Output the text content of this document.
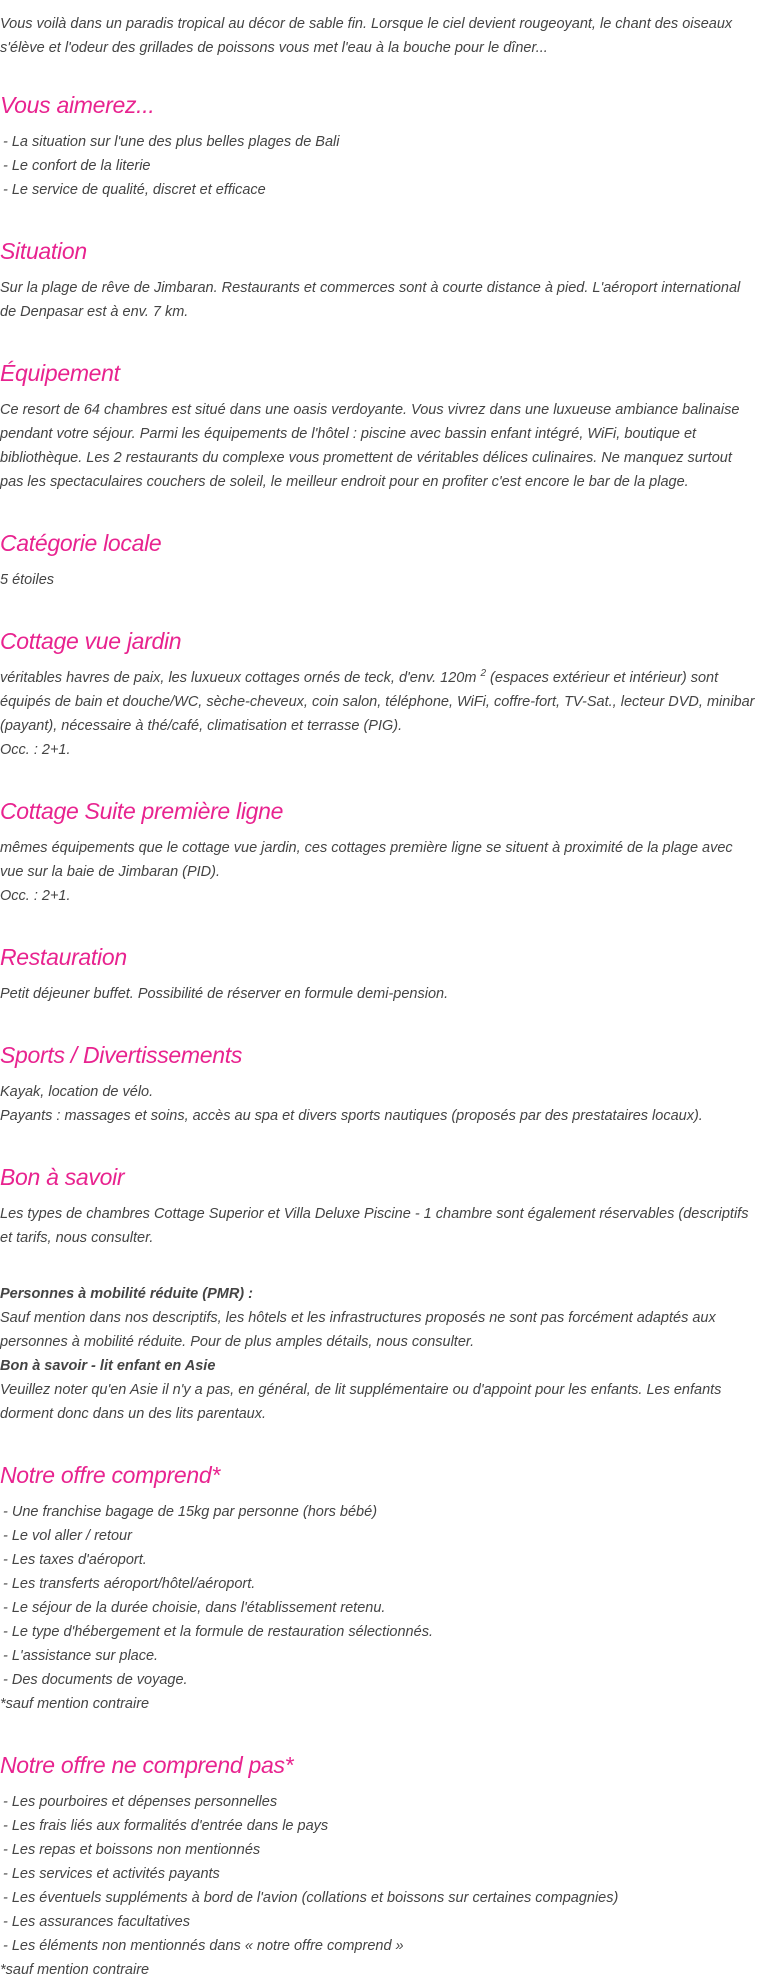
Vous voilà dans un paradis tropical au décor de sable fin. Lorsque le ciel devient rougeoyant, le chant des oiseaux s'élève et l'odeur des grillades de poissons vous met l'eau à la bouche pour le dîner...

Vous aimerez...
- La situation sur l'une des plus belles plages de Bali
- Le confort de la literie
- Le service de qualité, discret et efficace
Situation

Sur la plage de rêve de Jimbaran. Restaurants et commerces sont à courte distance à pied. L'aéroport international de Denpasar est à env. 7 km.

Équipement

Ce resort de 64 chambres est situé dans une oasis verdoyante. Vous vivrez dans une luxueuse ambiance balinaise pendant votre séjour. Parmi les équipements de l'hôtel : piscine avec bassin enfant intégré, WiFi, boutique et bibliothèque. Les 2 restaurants du complexe vous promettent de véritables délices culinaires. Ne manquez surtout pas les spectaculaires couchers de soleil, le meilleur endroit pour en profiter c'est encore le bar de la plage.

Catégorie locale

5 étoiles

Cottage vue jardin

véritables havres de paix, les luxueux cottages ornés de teck, d'env. 120m $^2$ (espaces extérieur et intérieur) sont équipés de bain et douche/WC, sèche-cheveux, coin salon, téléphone, WiFi, coffre-fort, TV-Sat., lecteur DVD, minibar (payant), nécessaire à thé/café, climatisation et terrasse (PIG).

Occ. : 2+1.

Cottage Suite première ligne

mêmes équipements que le cottage vue jardin, ces cottages première ligne se situent à proximité de la plage avec vue sur la baie de Jimbaran (PID).

Occ. : 2+1.

Restauration

Petit déjeuner buffet. Possibilité de réserver en formule demi-pension.

Sports / Divertissements

Kayak, location de vélo.

Payants : massages et soins, accès au spa et divers sports nautiques (proposés par des prestataires locaux).

Bon à savoir

Les types de chambres Cottage Superior et Villa Deluxe Piscine - 1 chambre sont également réservables (descriptifs et tarifs, nous consulter.

Personnes à mobilité réduite (PMR) :

Sauf mention dans nos descriptifs, les hôtels et les infrastructures proposés ne sont pas forcément adaptés aux personnes à mobilité réduite. Pour de plus amples détails, nous consulter.

Bon à savoir - lit enfant en Asie

Veuillez noter qu'en Asie il n'y a pas, en général, de lit supplémentaire ou d'appoint pour les enfants. Les enfants dorment donc dans un des lits parentaux.

Notre offre comprend*
- Une franchise bagage de 15kg par personne (hors bébé)
- Le vol aller / retour
- Les taxes d'aéroport.
- Les transferts aéroport/hôtel/aéroport.
- Le séjour de la durée choisie, dans l'établissement retenu.
- Le type d'hébergement et la formule de restauration sélectionnés.
- L'assistance sur place.
- Des documents de voyage.

*sauf mention contraire

Notre offre ne comprend pas*
- Les pourboires et dépenses personnelles
- Les frais liés aux formalités d'entrée dans le pays
- Les repas et boissons non mentionnés
- Les services et activités payants
- Les éventuels suppléments à bord de l'avion (collations et boissons sur certaines compagnies)
- Les assurances facultatives
- Les éléments non mentionnés dans « notre offre comprend »

*sauf mention contraire
